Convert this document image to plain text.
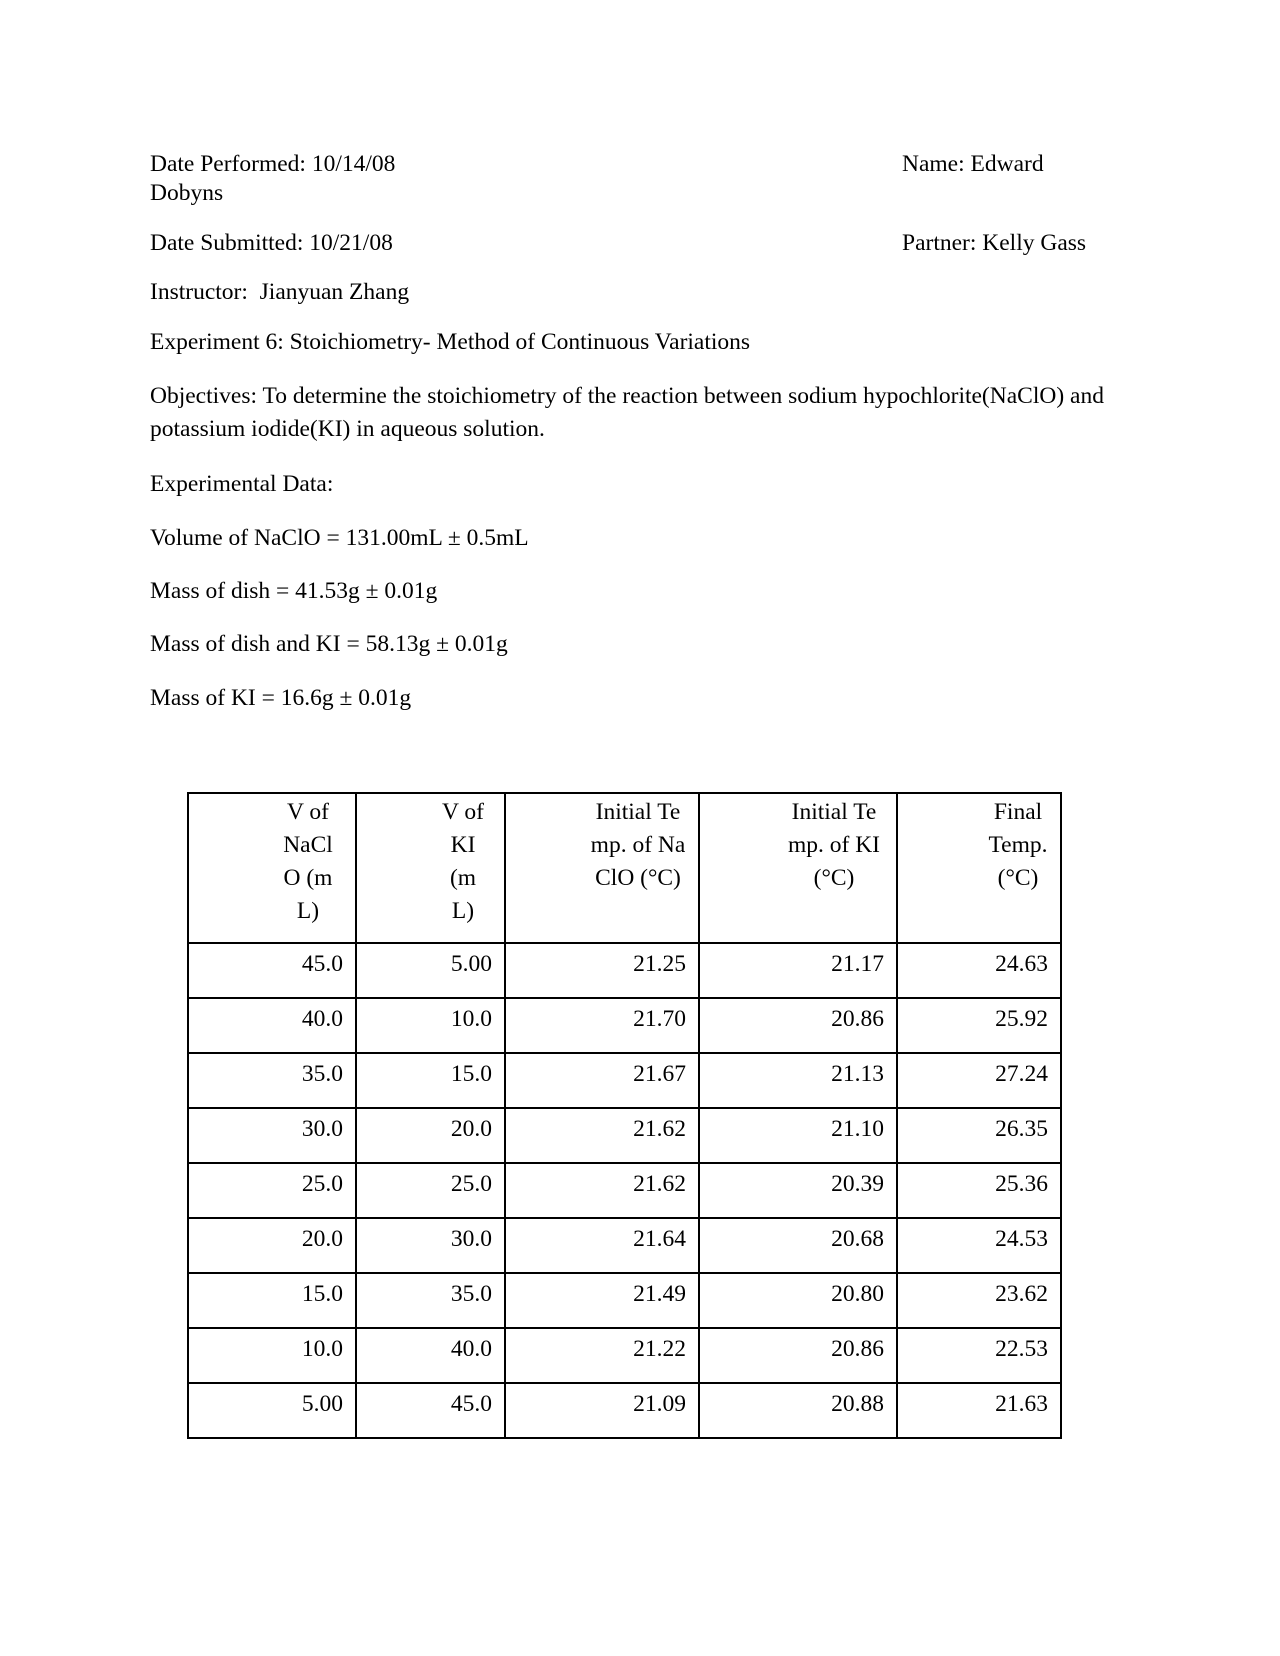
Date Performed: 10/14/08	Name: Edward
Dobyns
Date Submitted: 10/21/08	Partner: Kelly Gass
Instructor:  Jianyuan Zhang
Experiment 6: Stoichiometry- Method of Continuous Variations
Objectives: To determine the stoichiometry of the reaction between sodium hypochlorite(NaClO) and potassium iodide(KI) in aqueous solution.
Experimental Data:
Volume of NaClO = 131.00mL ± 0.5mL
Mass of dish = 41.53g ± 0.01g
Mass of dish and KI = 58.13g ± 0.01g
Mass of KI = 16.6g ± 0.01g
V of NaClO (mL)	V of KI (mL)	Initial Temp. of NaClO (°C)	Initial Temp. of KI (°C)	Final Temp. (°C)
45.0	5.00	21.25	21.17	24.63
40.0	10.0	21.70	20.86	25.92
35.0	15.0	21.67	21.13	27.24
30.0	20.0	21.62	21.10	26.35
25.0	25.0	21.62	20.39	25.36
20.0	30.0	21.64	20.68	24.53
15.0	35.0	21.49	20.80	23.62
10.0	40.0	21.22	20.86	22.53
5.00	45.0	21.09	20.88	21.63
